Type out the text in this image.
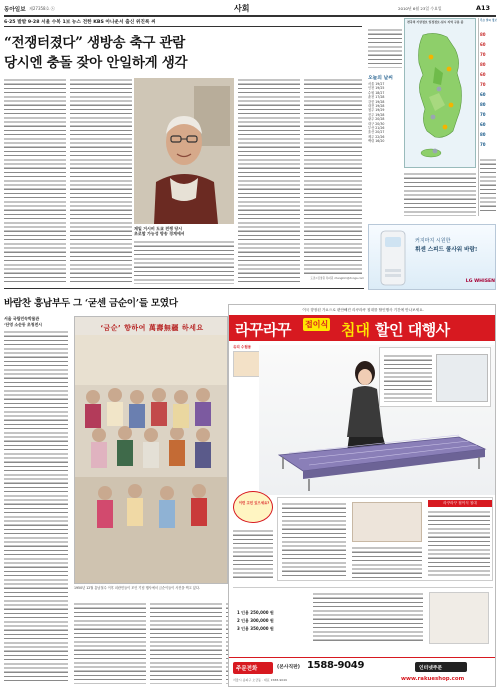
동아일보 제27358호 ㉦	사회	2010년 6월 23일 수요일	A13
6·25 발발 9·28 서울 수복 1보 뉴스 전한 KBS 아나운서 출신 위진록 씨
“전쟁터졌다” 생방송 축구 관람
당시엔 충돌 잦아 안일하게 생각
재일 거시비 도쿄 전쟁 당시
초로할 가능성 방송 경계에서
도쿄=김창원 특파원 changkim@donga.com
바람찬 흥남부두 그 ‘굳센 금순이’들 모였다
서울 국립민속박물관
‘단영 소순동 초청전시	‘금순’ 향하여 萬壽無疆 하세요
1950년 12월 흥남철수 이후 피란민들이 모인 기념 행사에서 금순이들이 사진을 찍고 있다.
전국의 기상정보 일정정보·실시 지역 구분 중
오늘의 날씨
서울 19/27
인천 19/25
수원 18/27
춘천 17/28
강릉 19/28
대전 19/28
청주 19/29
전주 19/28
광주 20/28
대구 20/30
부산 21/26
울산 20/27
제주 22/26
백령 16/20
주요 날씨 정보
80
60
70
80
60
70
60
80
70
60
80
70
커지마지 시원한
휘센 스피드 쿨사워 바람!
LG WHISEN
이국 향장된 가요으로 편안해진 리쿠라쿠 침대를 할인행사 기간에 만나보세요.
라꾸라꾸 접이식 침대 할인 대행사
유리 수험용
이런 고민 있으세요?	라꾸라꾸 접이식 침대
1 인용 250,000 원
2 인용 300,000 원
3 인용 350,000 원
주문전화	(본사직판) 1588-9049	인터넷주문
서울시 송파구 오금동 · 대표 1588-9049	www.rakueshop.com
